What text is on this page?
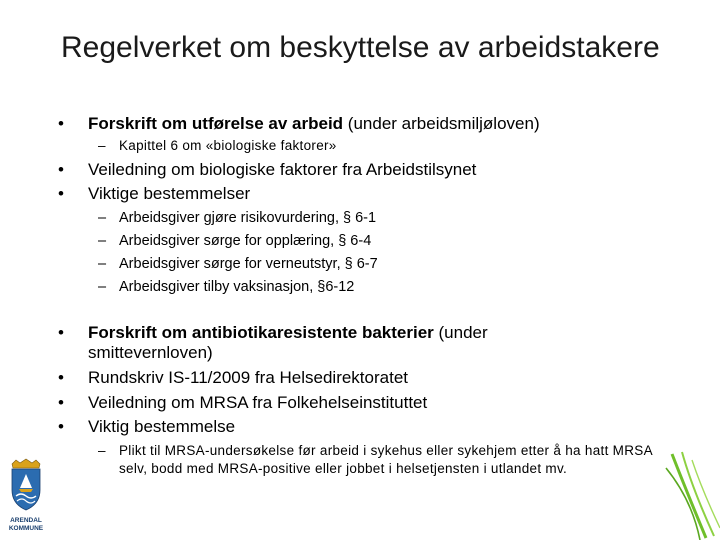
Regelverket om beskyttelse av arbeidstakere
• Forskrift om utførelse av arbeid (under arbeidsmiljøloven)
– Kapittel 6 om «biologiske faktorer»
• Veiledning om biologiske faktorer fra Arbeidstilsynet
• Viktige bestemmelser
– Arbeidsgiver gjøre risikovurdering, § 6-1
– Arbeidsgiver sørge for opplæring, § 6-4
– Arbeidsgiver sørge for verneutstyr, § 6-7
– Arbeidsgiver tilby vaksinasjon, §6-12
• Forskrift om antibiotikaresistente bakterier (under smittevernloven)
• Rundskriv IS-11/2009 fra Helsedirektoratet
• Veiledning om MRSA fra Folkehelseinstituttet
• Viktig bestemmelse
– Plikt til MRSA-undersøkelse før arbeid i sykehus eller sykehjem etter å ha hatt MRSA selv, bodd med MRSA-positive eller jobbet i helsetjensten i utlandet mv.
ARENDAL
KOMMUNE
